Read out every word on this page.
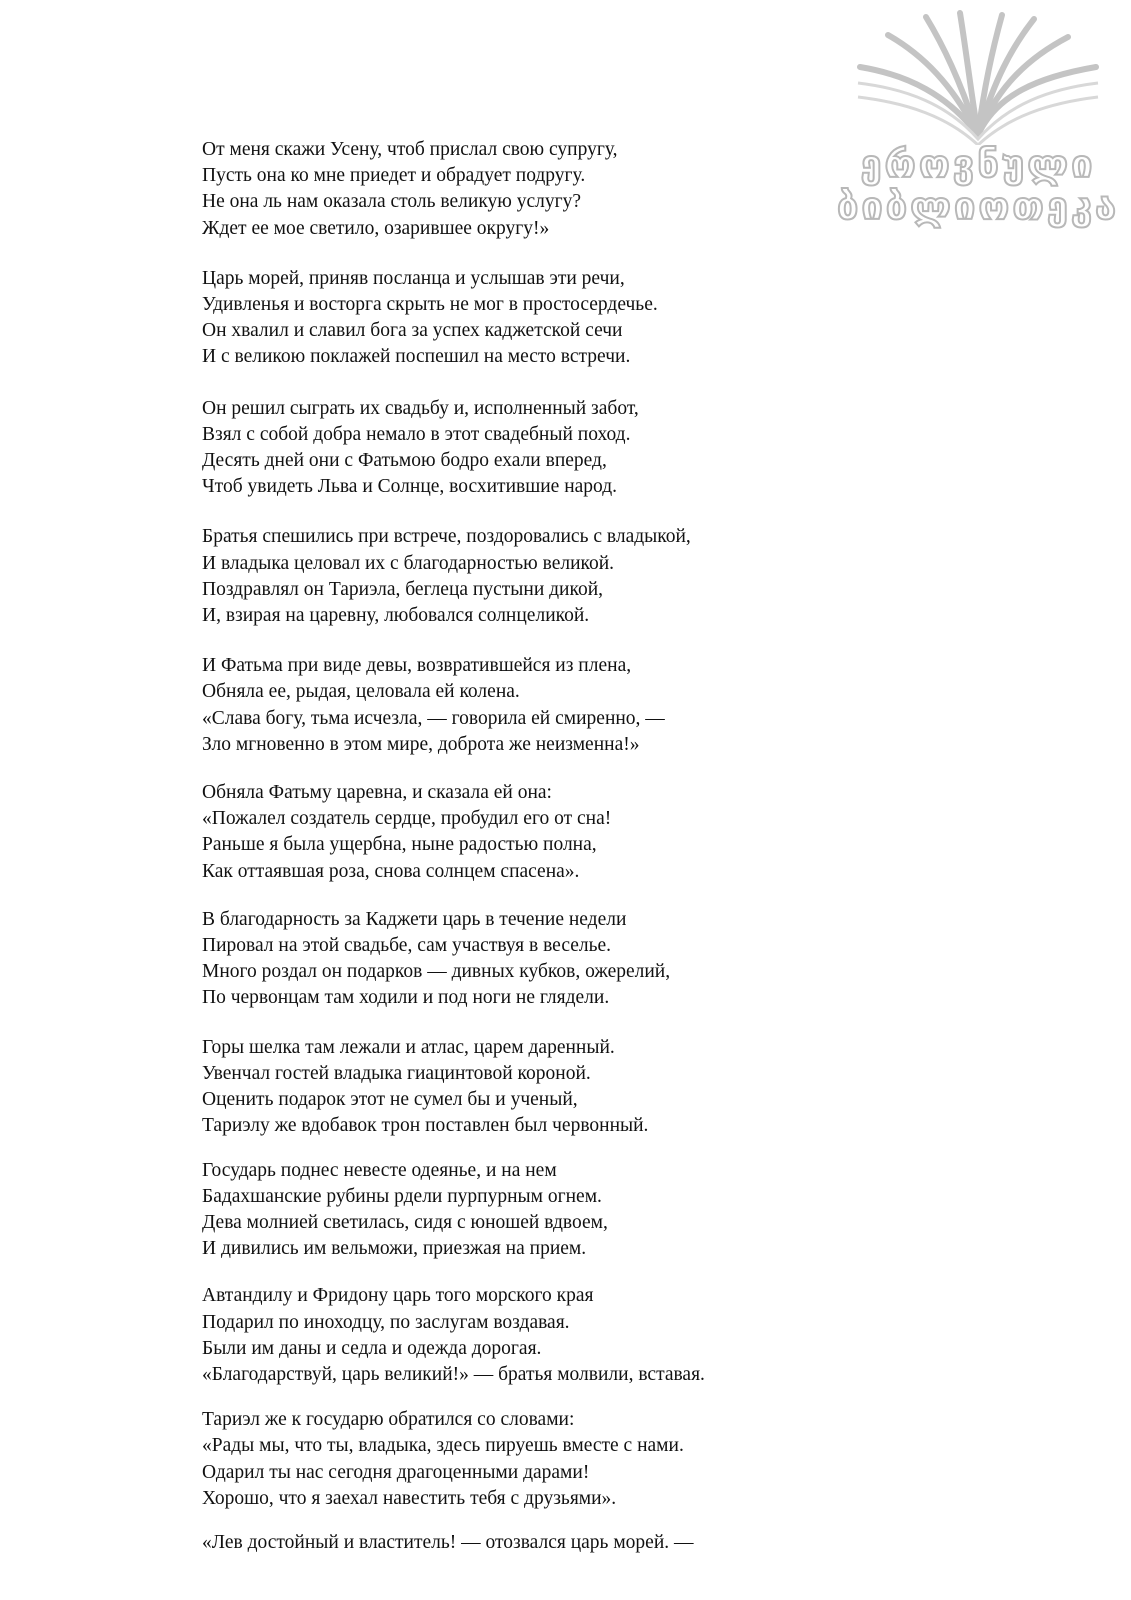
ეროვნული
ბიბლიოთეკა
От меня скажи Усену, чтоб прислал свою супругу,
Пусть она ко мне приедет и обрадует подругу.
Не она ль нам оказала столь великую услугу?
Ждет ее мое светило, озарившее округу!»
Царь морей, приняв посланца и услышав эти речи,
Удивленья и восторга скрыть не мог в простосердечье.
Он хвалил и славил бога за успех каджетской сечи
И с великою поклажей поспешил на место встречи.
Он решил сыграть их свадьбу и, исполненный забот,
Взял с собой добра немало в этот свадебный поход.
Десять дней они с Фатьмою бодро ехали вперед,
Чтоб увидеть Льва и Солнце, восхитившие народ.
Братья спешились при встрече, поздоровались с владыкой,
И владыка целовал их с благодарностью великой.
Поздравлял он Тариэла, беглеца пустыни дикой,
И, взирая на царевну, любовался солнцеликой.
И Фатьма при виде девы, возвратившейся из плена,
Обняла ее, рыдая, целовала ей колена.
«Слава богу, тьма исчезла, — говорила ей смиренно, —
Зло мгновенно в этом мире, доброта же неизменна!»
Обняла Фатьму царевна, и сказала ей она:
«Пожалел создатель сердце, пробудил его от сна!
Раньше я была ущербна, ныне радостью полна,
Как оттаявшая роза, снова солнцем спасена».
В благодарность за Каджети царь в течение недели
Пировал на этой свадьбе, сам участвуя в веселье.
Много роздал он подарков — дивных кубков, ожерелий,
По червонцам там ходили и под ноги не глядели.
Горы шелка там лежали и атлас, царем даренный.
Увенчал гостей владыка гиацинтовой короной.
Оценить подарок этот не сумел бы и ученый,
Тариэлу же вдобавок трон поставлен был червонный.
Государь поднес невесте одеянье, и на нем
Бадахшанские рубины рдели пурпурным огнем.
Дева молнией светилась, сидя с юношей вдвоем,
И дивились им вельможи, приезжая на прием.
Автандилу и Фридону царь того морского края
Подарил по иноходцу, по заслугам воздавая.
Были им даны и седла и одежда дорогая.
«Благодарствуй, царь великий!» — братья молвили, вставая.
Тариэл же к государю обратился со словами:
«Рады мы, что ты, владыка, здесь пируешь вместе с нами.
Одарил ты нас сегодня драгоценными дарами!
Хорошо, что я заехал навестить тебя с друзьями».
«Лев достойный и властитель! — отозвался царь морей. —
